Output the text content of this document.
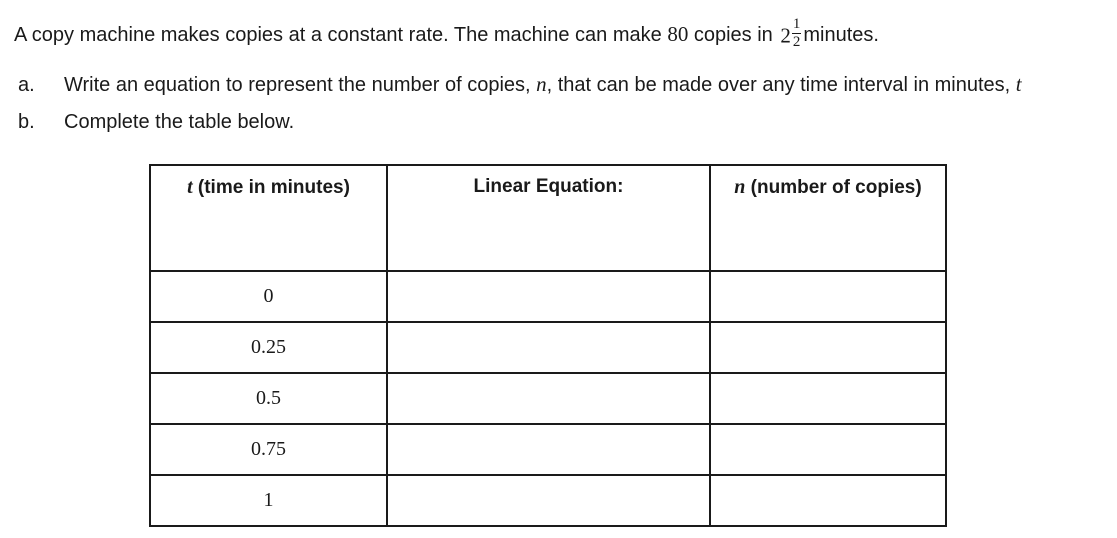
A copy machine makes copies at a constant rate. The machine can make 80 copies in $2 \frac{1}{2}$ minutes.
a. Write an equation to represent the number of copies, n, that can be made over any time interval in minutes, t
b. Complete the table below.
t (time in minutes)	Linear Equation:	n (number of copies)
0		
0.25		
0.5		
0.75		
1		
